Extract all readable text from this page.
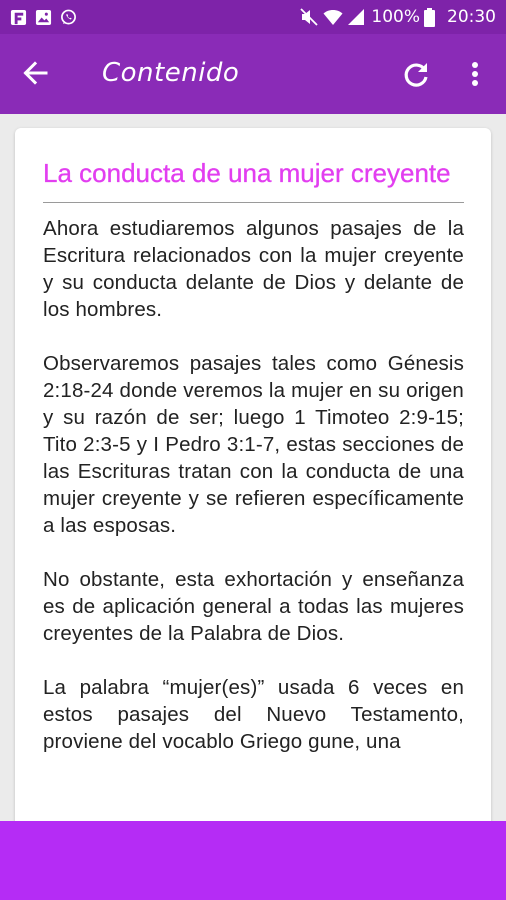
100% 20:30
Contenido
La conducta de una mujer creyente

Ahora estudiaremos algunos pasajes de la Escritura relacionados con la mujer creyente y su conducta delante de Dios y delante de los hombres.

Observaremos pasajes tales como Génesis 2:18-24 donde veremos la mujer en su origen y su razón de ser; luego 1 Timoteo 2:9-15; Tito 2:3-5 y I Pedro 3:1-7, estas secciones de las Escrituras tratan con la conducta de una mujer creyente y se refieren específicamente a las esposas.

No obstante, esta exhortación y enseñanza es de aplicación general a todas las mujeres creyentes de la Palabra de Dios.

La palabra “mujer(es)” usada 6 veces en estos pasajes del Nuevo Testamento, proviene del vocablo Griego gune, una
